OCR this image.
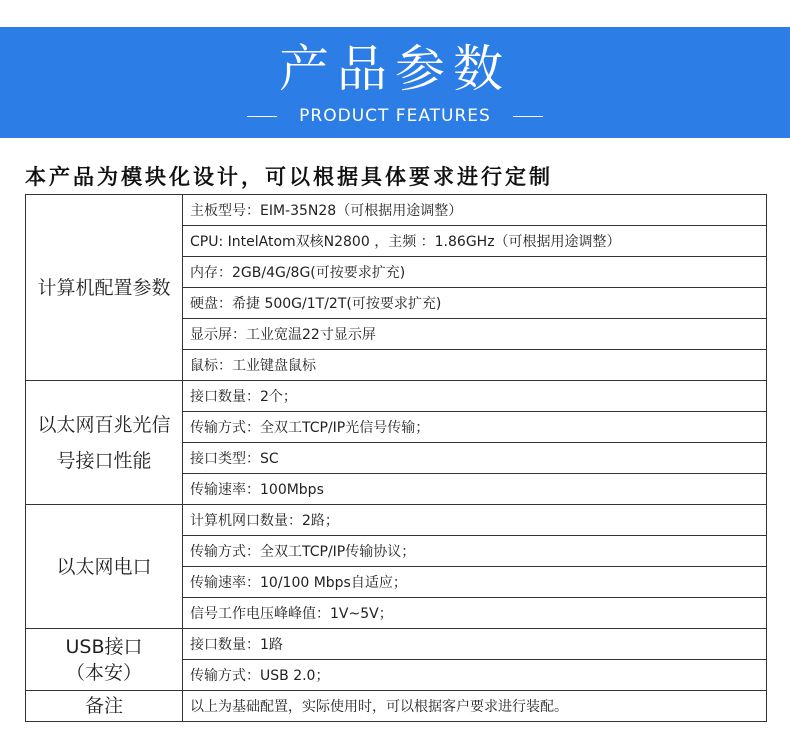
产品参数
PRODUCT FEATURES
本产品为模块化设计，可以根据具体要求进行定制
计算机配置参数	主板型号：EIM-35N28（可根据用途调整）
	CPU: IntelAtom双核N2800 ，主频 ：1.86GHz（可根据用途调整）
	内存：2GB/4G/8G(可按要求扩充)
	硬盘：希捷 500G/1T/2T(可按要求扩充)
	显示屏：工业宽温22寸显示屏
	鼠标：工业键盘鼠标

以太网百兆光信号接口性能	接口数量：2个；
	传输方式：全双工TCP/IP光信号传输；
	接口类型：SC
	传输速率：100Mbps

以太网电口	计算机网口数量：2路；
	传输方式：全双工TCP/IP传输协议；
	传输速率：10/100 Mbps自适应；
	信号工作电压峰峰值：1V~5V；

USB接口（本安）	接口数量：1路
	传输方式：USB 2.0；

备注	以上为基础配置，实际使用时，可以根据客户要求进行装配。
